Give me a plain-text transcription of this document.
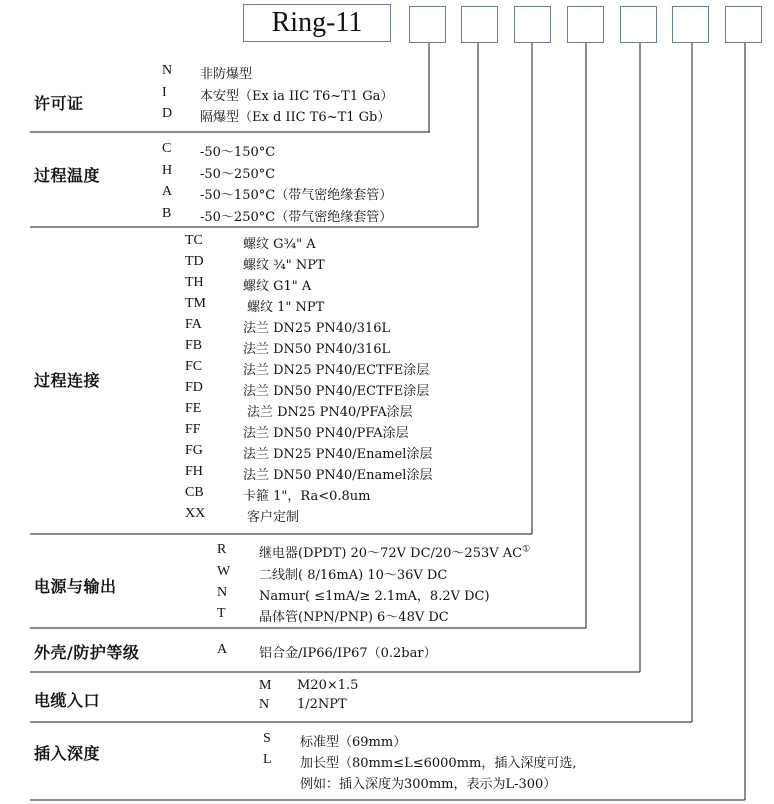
Ring-11
许可证
N 非防爆型
I	本安型（Ex ia IIC T6~T1 Ga）
D 隔爆型（Ex d IIC T6~T1 Gb）
过程温度
C -50～150°C
H -50～250°C
A -50～150°C（带气密绝缘套管）
B -50～250°C（带气密绝缘套管）
过程连接
TC	螺纹 G¾" A
TD	螺纹 ¾" NPT
TH	螺纹 G1" A
TM	螺纹 1" NPT
FA	法兰 DN25 PN40/316L
FB	法兰 DN50 PN40/316L
FC	法兰 DN25 PN40/ECTFE涂层
FD	法兰 DN50 PN40/ECTFE涂层
FE	法兰 DN25 PN40/PFA涂层
FF	法兰 DN50 PN40/PFA涂层
FG	法兰 DN25 PN40/Enamel涂层
FH	法兰 DN50 PN40/Enamel涂层
CB	卡箍 1"，Ra<0.8um
XX	客户定制
电源与输出
R	继电器(DPDT) 20～72V DC/20～253V AC①
W 二线制( 8/16mA) 10～36V DC
N Namur( ≤1mA/≥ 2.1mA，8.2V DC)
T	晶体管(NPN/PNP) 6～48V DC
外壳/防护等级	A 铝合金/IP66/IP67（0.2bar）
电缆入口
M M20×1.5
N 1/2NPT
插入深度
S 标准型（69mm）
L 加长型（80mm≤L≤6000mm，插入深度可选,
例如：插入深度为300mm，表示为L-300）
